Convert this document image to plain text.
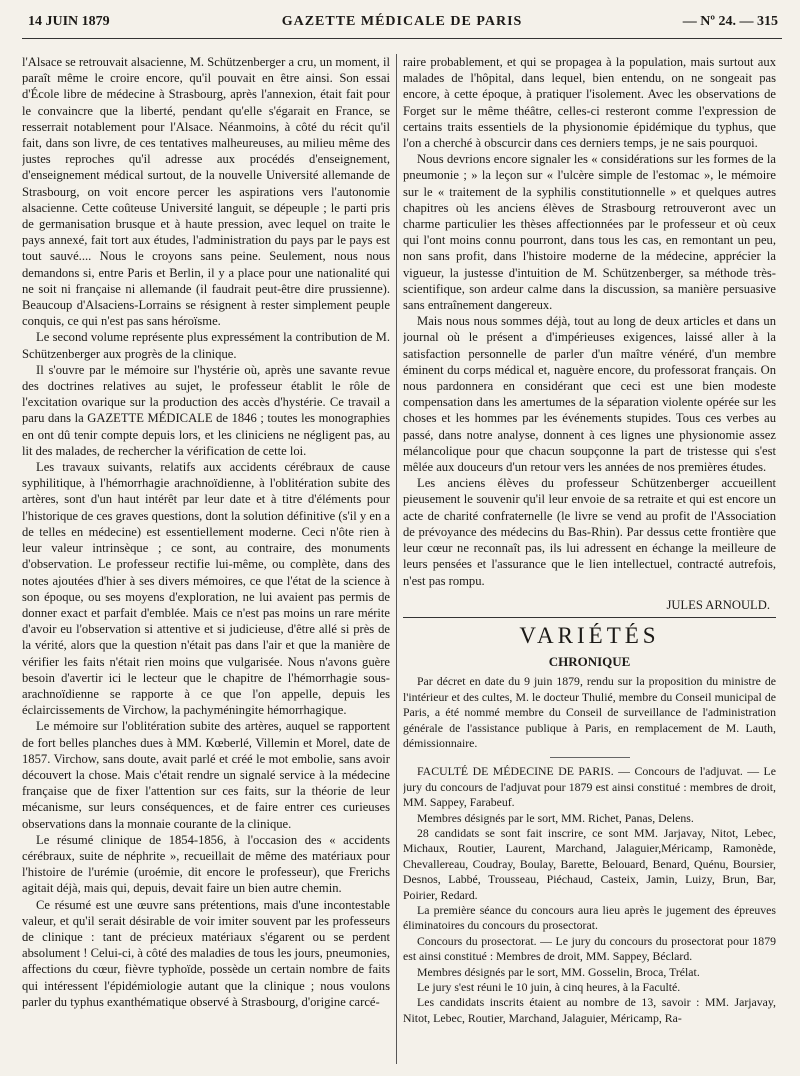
14 JUIN 1879	GAZETTE MÉDICALE DE PARIS	— Nº 24. — 315

l'Alsace se retrouvait alsacienne, M. Schützenberger a cru, un moment, il paraît même le croire encore, qu'il pouvait en être ainsi. Son essai d'École libre de médecine à Strasbourg, après l'annexion, était fait pour le convaincre que la liberté, pendant qu'elle s'égarait en France, se resserrait notablement pour l'Alsace. Néanmoins, à côté du récit qu'il fait, dans son livre, de ces tentatives malheureuses, au milieu même des justes reproches qu'il adresse aux procédés d'enseignement, d'enseignement médical surtout, de la nouvelle Université allemande de Strasbourg, on voit encore percer les aspirations vers l'autonomie alsacienne. Cette coûteuse Université languit, se dépeuple ; le parti pris de germanisation brusque et à haute pression, avec lequel on traite le pays annexé, fait tort aux études, l'administration du pays par le pays est tout sauvé.... Nous le croyons sans peine. Seulement, nous nous demandons si, entre Paris et Berlin, il y a place pour une nationalité qui ne soit ni française ni allemande (il faudrait peut-être dire prussienne). Beaucoup d'Alsaciens-Lorrains se résignent à rester simplement peuple conquis, ce qui n'est pas sans héroïsme.

Le second volume représente plus expressément la contribution de M. Schützenberger aux progrès de la clinique.

Il s'ouvre par le mémoire sur l'hystérie où, après une savante revue des doctrines relatives au sujet, le professeur établit le rôle de l'excitation ovarique sur la production des accès d'hystérie. Ce travail a paru dans la GAZETTE MÉDICALE de 1846 ; toutes les monographies en ont dû tenir compte depuis lors, et les cliniciens ne négligent pas, au lit des malades, de rechercher la vérification de cette loi.

Les travaux suivants, relatifs aux accidents cérébraux de cause syphilitique, à l'hémorrhagie arachnoïdienne, à l'oblitération subite des artères, sont d'un haut intérêt par leur date et à titre d'éléments pour l'historique de ces graves questions, dont la solution définitive (s'il y en a de telles en médecine) est essentiellement moderne. Ceci n'ôte rien à leur valeur intrinsèque ; ce sont, au contraire, des monuments d'observation. Le professeur rectifie lui-même, ou complète, dans des notes ajoutées d'hier à ses divers mémoires, ce que l'état de la science à son époque, ou ses moyens d'exploration, ne lui avaient pas permis de donner exact et parfait d'emblée. Mais ce n'est pas moins un rare mérite d'avoir eu l'observation si attentive et si judicieuse, d'être allé si près de la vérité, alors que la question n'était pas dans l'air et que la manière de vérifier les faits n'était rien moins que vulgarisée. Nous n'avons guère besoin d'avertir ici le lecteur que le chapitre de l'hémorrhagie sous-arachnoïdienne se rapporte à ce que l'on appelle, depuis les éclaircissements de Virchow, la pachyméningite hémorrhagique.

Le mémoire sur l'oblitération subite des artères, auquel se rapportent de fort belles planches dues à MM. Kœberlé, Villemin et Morel, date de 1857. Virchow, sans doute, avait parlé et créé le mot embolie, sans avoir découvert la chose. Mais c'était rendre un signalé service à la médecine française que de fixer l'attention sur ces faits, sur la théorie de leur mécanisme, sur leurs conséquences, et de faire entrer ces curieuses observations dans la monnaie courante de la clinique.

Le résumé clinique de 1854-1856, à l'occasion des « accidents cérébraux, suite de néphrite », recueillait de même des matériaux pour l'histoire de l'urémie (uroémie, dit encore le professeur), que Frerichs agitait déjà, mais qui, depuis, devait faire un bien autre chemin.

Ce résumé est une œuvre sans prétentions, mais d'une incontestable valeur, et qu'il serait désirable de voir imiter souvent par les professeurs de clinique : tant de précieux matériaux s'égarent ou se perdent absolument ! Celui-ci, à côté des maladies de tous les jours, pneumonies, affections du cœur, fièvre typhoïde, possède un certain nombre de faits qui intéressent l'épidémiologie autant que la clinique ; nous voulons parler du typhus exanthématique observé à Strasbourg, d'origine carcé-

raire probablement, et qui se propagea à la population, mais surtout aux malades de l'hôpital, dans lequel, bien entendu, on ne songeait pas encore, à cette époque, à pratiquer l'isolement. Avec les observations de Forget sur le même théâtre, celles-ci resteront comme l'expression de certains traits essentiels de la physionomie épidémique du typhus, que l'on a cherché à obscurcir dans ces derniers temps, je ne sais pourquoi.

Nous devrions encore signaler les « considérations sur les formes de la pneumonie ; » la leçon sur « l'ulcère simple de l'estomac », le mémoire sur le « traitement de la syphilis constitutionnelle » et quelques autres chapitres où les anciens élèves de Strasbourg retrouveront avec un charme particulier les thèses affectionnées par le professeur et où ceux qui l'ont moins connu pourront, dans tous les cas, en remontant un peu, non sans profit, dans l'histoire moderne de la médecine, apprécier la vigueur, la justesse d'intuition de M. Schützenberger, sa méthode très-scientifique, son ardeur calme dans la discussion, sa manière persuasive sans entraînement dangereux.

Mais nous nous sommes déjà, tout au long de deux articles et dans un journal où le présent a d'impérieuses exigences, laissé aller à la satisfaction personnelle de parler d'un maître vénéré, d'un membre éminent du corps médical et, naguère encore, du professorat français. On nous pardonnera en considérant que ceci est une bien modeste compensation dans les amertumes de la séparation violente opérée sur les choses et les hommes par les événements stupides. Tous ces verbes au passé, dans notre analyse, donnent à ces lignes une physionomie assez mélancolique pour que chacun soupçonne la part de tristesse qui s'est mêlée aux douceurs d'un retour vers les années de nos premières études.

Les anciens élèves du professeur Schützenberger accueillent pieusement le souvenir qu'il leur envoie de sa retraite et qui est encore un acte de charité confraternelle (le livre se vend au profit de l'Association de prévoyance des médecins du Bas-Rhin). Par dessus cette frontière que leur cœur ne reconnaît pas, ils lui adressent en échange la meilleure de leurs pensées et l'assurance que le lien intellectuel, contracté autrefois, n'est pas rompu.

JULES ARNOULD.
VARIÉTÉS
CHRONIQUE

Par décret en date du 9 juin 1879, rendu sur la proposition du ministre de l'intérieur et des cultes, M. le docteur Thulié, membre du Conseil municipal de Paris, a été nommé membre du Conseil de surveillance de l'administration générale de l'assistance publique à Paris, en remplacement de M. Lauth, démissionnaire.

FACULTÉ DE MÉDECINE DE PARIS. — Concours de l'adjuvat. — Le jury du concours de l'adjuvat pour 1879 est ainsi constitué : membres de droit, MM. Sappey, Farabeuf.

Membres désignés par le sort, MM. Richet, Panas, Delens.

28 candidats se sont fait inscrire, ce sont MM. Jarjavay, Nitot, Lebec, Michaux, Routier, Laurent, Marchand, Jalaguier,Méricamp, Ramonède, Chevallereau, Coudray, Boulay, Barette, Belouard, Benard, Quénu, Boursier, Desnos, Labbé, Trousseau, Piéchaud, Casteix, Jamin, Luizy, Brun, Bar, Poirier, Redard.

La première séance du concours aura lieu après le jugement des épreuves éliminatoires du concours du prosectorat.

Concours du prosectorat. — Le jury du concours du prosectorat pour 1879 est ainsi constitué : Membres de droit, MM. Sappey, Béclard.

Membres désignés par le sort, MM. Gosselin, Broca, Trélat.

Le jury s'est réuni le 10 juin, à cinq heures, à la Faculté.

Les candidats inscrits étaient au nombre de 13, savoir : MM. Jarjavay, Nitot, Lebec, Routier, Marchand, Jalaguier, Méricamp, Ra-
